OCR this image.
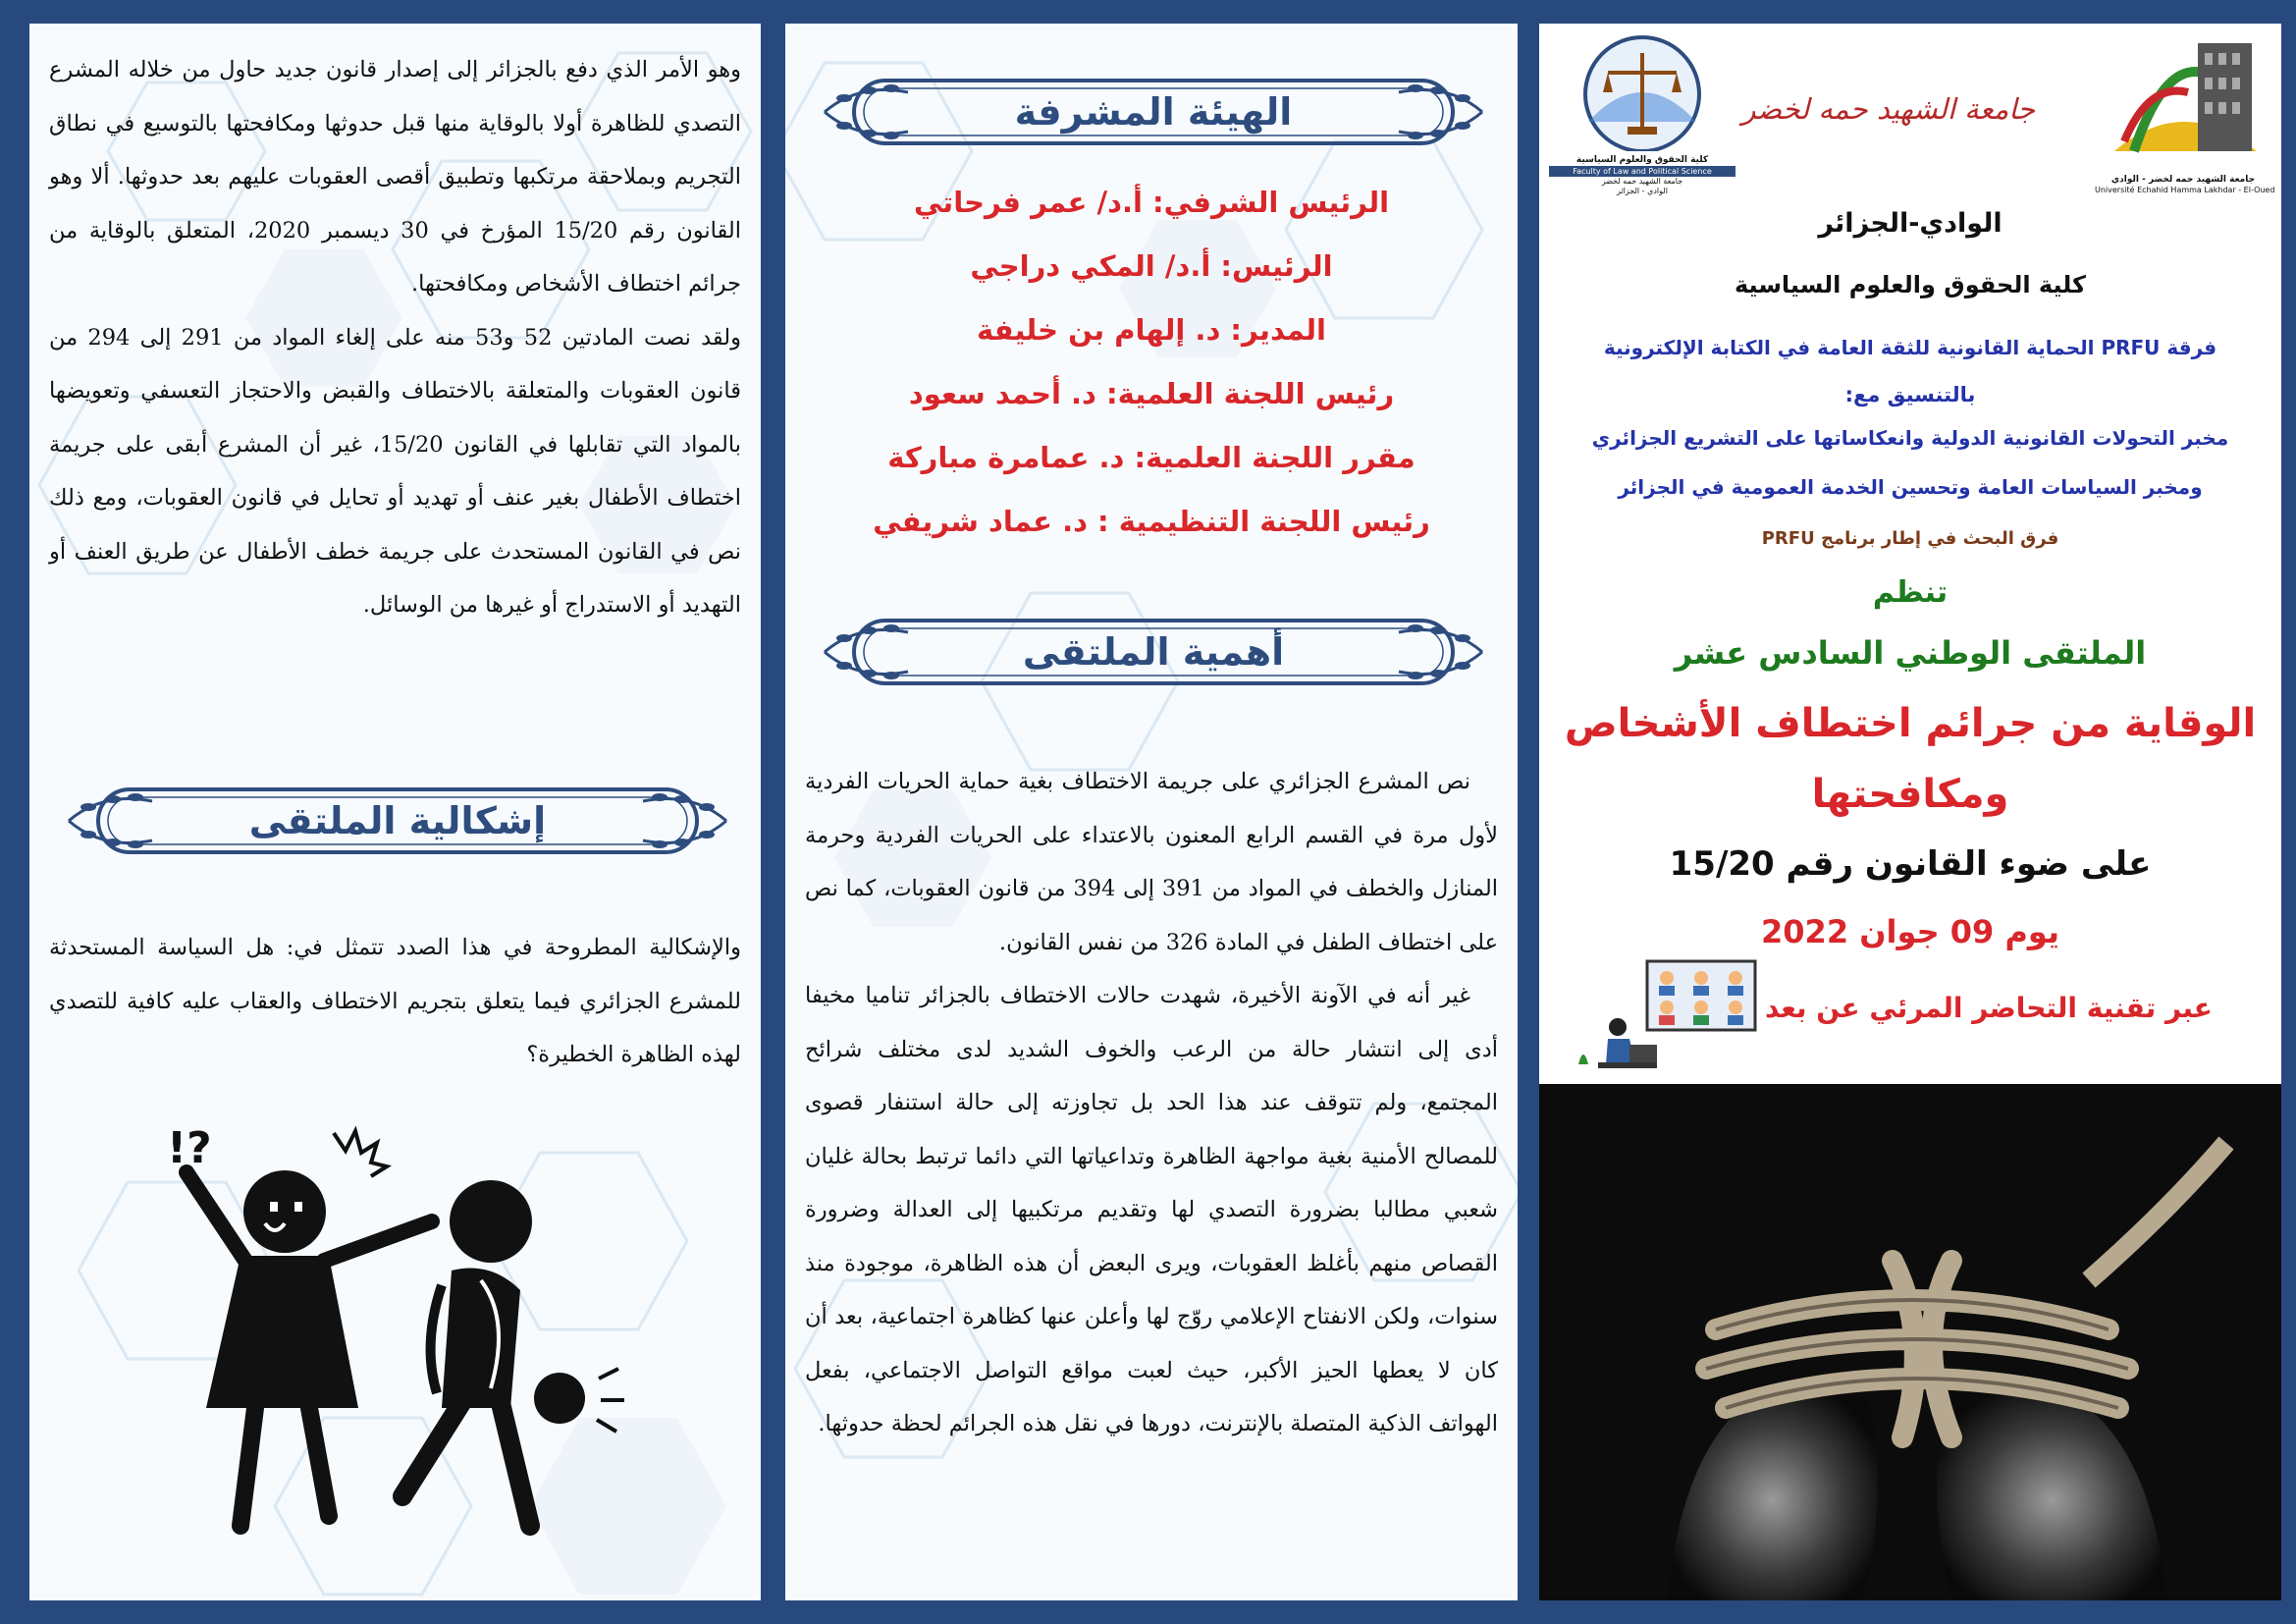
وهو الأمر الذي دفع بالجزائر إلى إصدار قانون جديد حاول من خلاله المشرع التصدي للظاهرة أولا بالوقاية منها قبل حدوثها ومكافحتها بالتوسيع في نطاق التجريم وبملاحقة مرتكبها وتطبيق أقصى العقوبات عليهم بعد حدوثها. ألا وهو القانون رقم 15/20 المؤرخ في 30 ديسمبر 2020، المتعلق بالوقاية من جرائم اختطاف الأشخاص ومكافحتها.

ولقد نصت المادتين 52 و53 منه على إلغاء المواد من 291 إلى 294 من قانون العقوبات والمتعلقة بالاختطاف والقبض والاحتجاز التعسفي وتعويضها بالمواد التي تقابلها في القانون 15/20، غير أن المشرع أبقى على جريمة اختطاف الأطفال بغير عنف أو تهديد أو تحايل في قانون العقوبات، ومع ذلك نص في القانون المستحدث على جريمة خطف الأطفال عن طريق العنف أو التهديد أو الاستدراج أو غيرها من الوسائل.

إشكالية الملتقى

والإشكالية المطروحة في هذا الصدد تتمثل في: هل السياسة المستحدثة للمشرع الجزائري فيما يتعلق بتجريم الاختطاف والعقاب عليه كافية للتصدي لهذه الظاهرة الخطيرة؟

!?
الهيئة المشرفة
الرئيس الشرفي: أ.د/ عمر فرحاتي
الرئيس: أ.د/ المكي دراجي
المدير: د. إلهام بن خليفة
رئيس اللجنة العلمية: د. أحمد سعود
مقرر اللجنة العلمية: د. عمامرة مباركة
رئيس اللجنة التنظيمية : د. عماد شريفي
أهمية الملتقى

نص المشرع الجزائري على جريمة الاختطاف بغية حماية الحريات الفردية لأول مرة في القسم الرابع المعنون بالاعتداء على الحريات الفردية وحرمة المنازل والخطف في المواد من 391 إلى 394 من قانون العقوبات، كما نص على اختطاف الطفل في المادة 326 من نفس القانون.

غير أنه في الآونة الأخيرة، شهدت حالات الاختطاف بالجزائر تناميا مخيفا أدى إلى انتشار حالة من الرعب والخوف الشديد لدى مختلف شرائح المجتمع، ولم تتوقف عند هذا الحد بل تجاوزته إلى حالة استنفار قصوى للمصالح الأمنية بغية مواجهة الظاهرة وتداعياتها التي دائما ترتبط بحالة غليان شعبي مطالبا بضرورة التصدي لها وتقديم مرتكبيها إلى العدالة وضرورة القصاص منهم بأغلظ العقوبات، ويرى البعض أن هذه الظاهرة، موجودة منذ سنوات، ولكن الانفتاح الإعلامي روّج لها وأعلن عنها كظاهرة اجتماعية، بعد أن كان لا يعطها الحيز الأكبر، حيث لعبت مواقع التواصل الاجتماعي، بفعل الهواتف الذكية المتصلة بالإنترنت، دورها في نقل هذه الجرائم لحظة حدوثها.

جامعة الشهيد حمه لخضر - الوادي
Université Echahid Hamma Lakhdar - El-Oued
جامعة الشهيد حمه لخضر
كلية الحقوق والعلوم السياسية
Faculty of Law and Political Science
جامعة الشهيد حمه لخضر
الوادي - الجزائر
الوادي-الجزائر
كلية الحقوق والعلوم السياسية
فرقة PRFU الحماية القانونية للثقة العامة في الكتابة الإلكترونية
بالتنسيق مع:
مخبر التحولات القانونية الدولية وانعكاساتها على التشريع الجزائري
ومخبر السياسات العامة وتحسين الخدمة العمومية في الجزائر
فرق البحث في إطار برنامج PRFU
تنظم
الملتقى الوطني السادس عشر
الوقاية من جرائم اختطاف الأشخاص
ومكافحتها
على ضوء القانون رقم 15/20
يوم 09 جوان 2022
عبر تقنية التحاضر المرئي عن بعد
